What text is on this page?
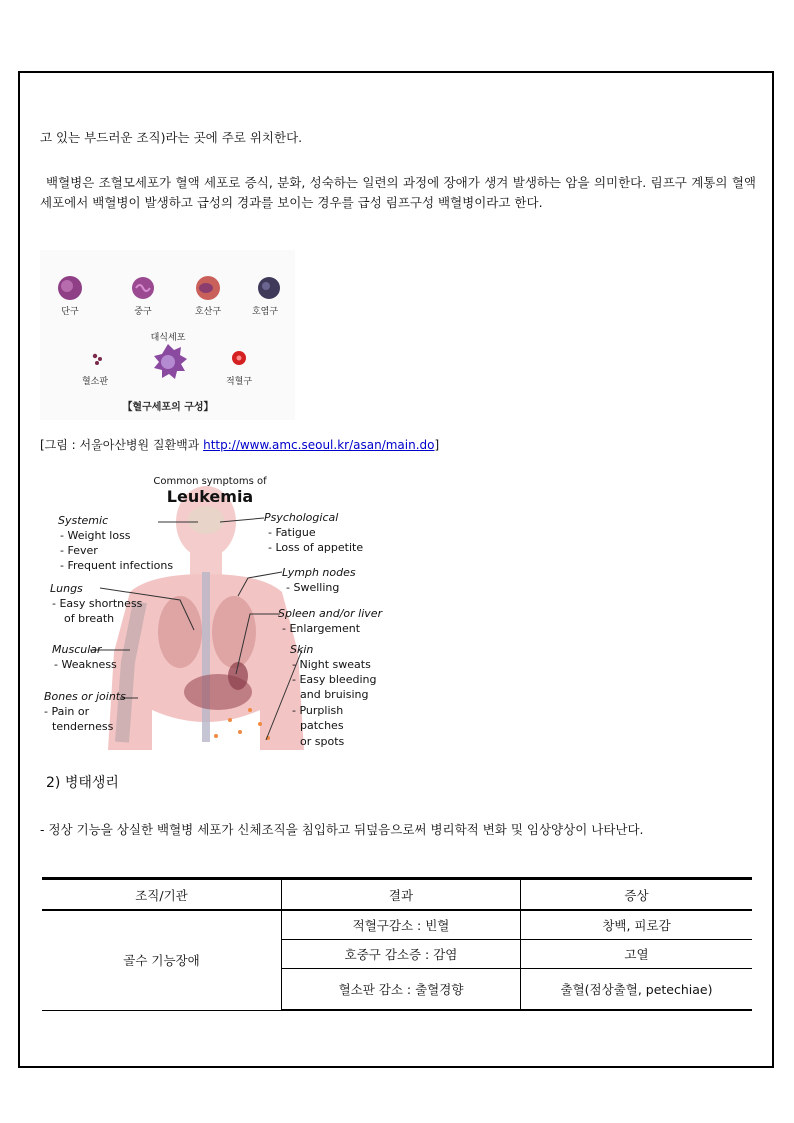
고 있는 부드러운 조직)라는 곳에 주로 위치한다.
백혈병은 조혈모세포가 혈액 세포로 증식, 분화, 성숙하는 일련의 과정에 장애가 생겨 발생하는 암을 의미한다. 림프구 계통의 혈액 세포에서 백혈병이 발생하고 급성의 경과를 보이는 경우를 급성 림프구성 백혈병이라고 한다.
단구	중구	호산구	호염구
혈소판
대식세포
적혈구
【혈구세포의 구성】
[그림 : 서울아산병원 질환백과 http://www.amc.seoul.kr/asan/main.do]
Common symptoms of
Leukemia
Systemic
- Weight loss
- Fever
- Frequent infections
Lungs
- Easy shortness
of breath
Muscular
- Weakness
Bones or joints
- Pain or
tenderness
Psychological
- Fatigue
- Loss of appetite
Lymph nodes
- Swelling
Spleen and/or liver
- Enlargement
Skin
- Night sweats
- Easy bleeding
and bruising
- Purplish
patches
or spots
2) 병태생리
- 정상 기능을 상실한 백혈병 세포가 신체조직을 침입하고 뒤덮음으로써 병리학적 변화 및 임상양상이 나타난다.
조직/기관	결과	증상
골수 기능장애	적혈구감소 : 빈혈	창백, 피로감
	호중구 감소증 : 감염	고열
	혈소판 감소 : 출혈경향	출혈(점상출혈, petechiae)
